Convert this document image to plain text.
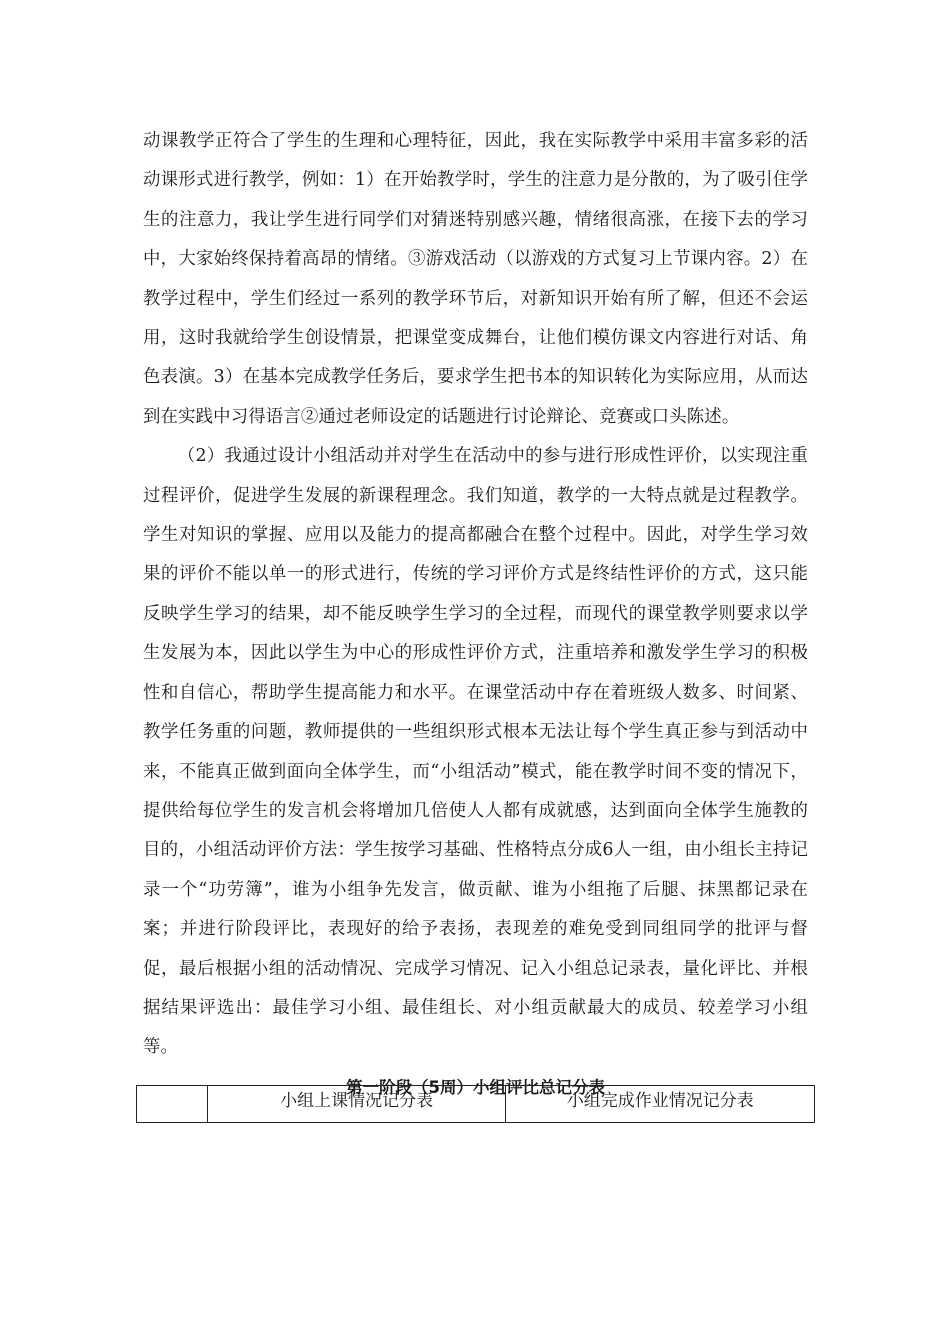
动课教学正符合了学生的生理和心理特征，因此，我在实际教学中采用丰富多彩的活动课形式进行教学，例如：1）在开始教学时，学生的注意力是分散的，为了吸引住学生的注意力，我让学生进行同学们对猜迷特别感兴趣，情绪很高涨，在接下去的学习中，大家始终保持着高昂的情绪。③游戏活动（以游戏的方式复习上节课内容。2）在教学过程中，学生们经过一系列的教学环节后，对新知识开始有所了解，但还不会运用，这时我就给学生创设情景，把课堂变成舞台，让他们模仿课文内容进行对话、角色表演。3）在基本完成教学任务后，要求学生把书本的知识转化为实际应用，从而达到在实践中习得语言②通过老师设定的话题进行讨论辩论、竞赛或口头陈述。

（2）我通过设计小组活动并对学生在活动中的参与进行形成性评价，以实现注重过程评价，促进学生发展的新课程理念。我们知道，教学的一大特点就是过程教学。学生对知识的掌握、应用以及能力的提高都融合在整个过程中。因此，对学生学习效果的评价不能以单一的形式进行，传统的学习评价方式是终结性评价的方式，这只能反映学生学习的结果，却不能反映学生学习的全过程，而现代的课堂教学则要求以学生发展为本，因此以学生为中心的形成性评价方式，注重培养和激发学生学习的积极性和自信心，帮助学生提高能力和水平。在课堂活动中存在着班级人数多、时间紧、教学任务重的问题，教师提供的一些组织形式根本无法让每个学生真正参与到活动中来，不能真正做到面向全体学生，而“小组活动”模式，能在教学时间不变的情况下，提供给每位学生的发言机会将增加几倍使人人都有成就感，达到面向全体学生施教的目的，小组活动评价方法：学生按学习基础、性格特点分成6人一组，由小组长主持记录一个“功劳簿”，谁为小组争先发言，做贡献、谁为小组拖了后腿、抹黑都记录在案；并进行阶段评比，表现好的给予表扬，表现差的难免受到同组同学的批评与督促，最后根据小组的活动情况、完成学习情况、记入小组总记录表，量化评比、并根据结果评选出：最佳学习小组、最佳组长、对小组贡献最大的成员、较差学习小组等。

第一阶段（5周）小组评比总记分表
	小组上课情况记分表	小组完成作业情况记分表
